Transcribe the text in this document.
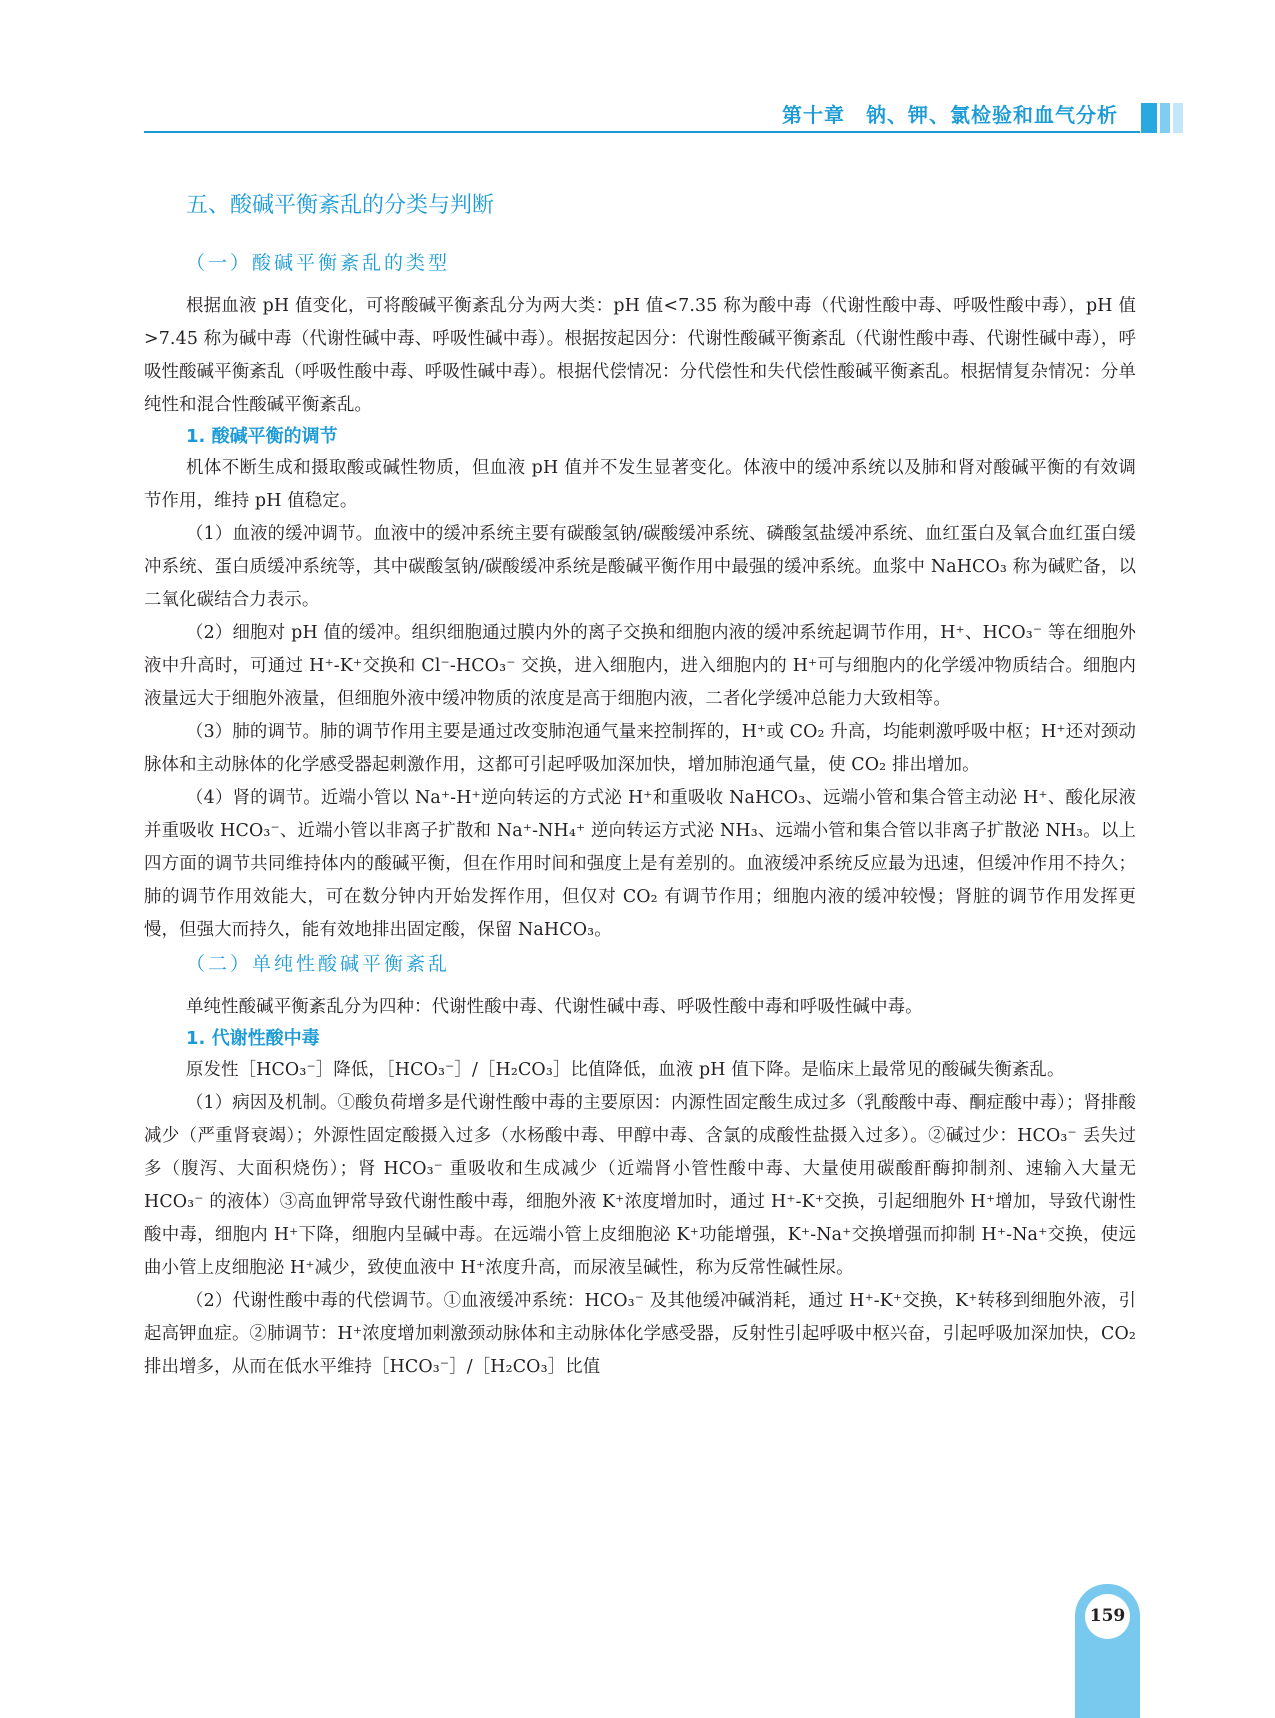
第十章　钠、钾、氯检验和血气分析
五、酸碱平衡紊乱的分类与判断
（一）酸碱平衡紊乱的类型

根据血液 pH 值变化，可将酸碱平衡紊乱分为两大类：pH 值<7.35 称为酸中毒（代谢性酸中毒、呼吸性酸中毒），pH 值>7.45 称为碱中毒（代谢性碱中毒、呼吸性碱中毒）。根据按起因分：代谢性酸碱平衡紊乱（代谢性酸中毒、代谢性碱中毒），呼吸性酸碱平衡紊乱（呼吸性酸中毒、呼吸性碱中毒）。根据代偿情况：分代偿性和失代偿性酸碱平衡紊乱。根据情复杂情况：分单纯性和混合性酸碱平衡紊乱。

1. 酸碱平衡的调节

机体不断生成和摄取酸或碱性物质，但血液 pH 值并不发生显著变化。体液中的缓冲系统以及肺和肾对酸碱平衡的有效调节作用，维持 pH 值稳定。

（1）血液的缓冲调节。血液中的缓冲系统主要有碳酸氢钠/碳酸缓冲系统、磷酸氢盐缓冲系统、血红蛋白及氧合血红蛋白缓冲系统、蛋白质缓冲系统等，其中碳酸氢钠/碳酸缓冲系统是酸碱平衡作用中最强的缓冲系统。血浆中 NaHCO₃ 称为碱贮备，以二氧化碳结合力表示。

（2）细胞对 pH 值的缓冲。组织细胞通过膜内外的离子交换和细胞内液的缓冲系统起调节作用，H⁺、HCO₃⁻ 等在细胞外液中升高时，可通过 H⁺-K⁺交换和 Cl⁻-HCO₃⁻ 交换，进入细胞内，进入细胞内的 H⁺可与细胞内的化学缓冲物质结合。细胞内液量远大于细胞外液量，但细胞外液中缓冲物质的浓度是高于细胞内液，二者化学缓冲总能力大致相等。

（3）肺的调节。肺的调节作用主要是通过改变肺泡通气量来控制挥的，H⁺或 CO₂ 升高，均能刺激呼吸中枢；H⁺还对颈动脉体和主动脉体的化学感受器起刺激作用，这都可引起呼吸加深加快，增加肺泡通气量，使 CO₂ 排出增加。

（4）肾的调节。近端小管以 Na⁺-H⁺逆向转运的方式泌 H⁺和重吸收 NaHCO₃、远端小管和集合管主动泌 H⁺、酸化尿液并重吸收 HCO₃⁻、近端小管以非离子扩散和 Na⁺-NH₄⁺ 逆向转运方式泌 NH₃、远端小管和集合管以非离子扩散泌 NH₃。以上四方面的调节共同维持体内的酸碱平衡，但在作用时间和强度上是有差别的。血液缓冲系统反应最为迅速，但缓冲作用不持久；肺的调节作用效能大，可在数分钟内开始发挥作用，但仅对 CO₂ 有调节作用；细胞内液的缓冲较慢；肾脏的调节作用发挥更慢，但强大而持久，能有效地排出固定酸，保留 NaHCO₃。

（二）单纯性酸碱平衡紊乱

单纯性酸碱平衡紊乱分为四种：代谢性酸中毒、代谢性碱中毒、呼吸性酸中毒和呼吸性碱中毒。

1. 代谢性酸中毒

原发性［HCO₃⁻］降低，［HCO₃⁻］/［H₂CO₃］比值降低，血液 pH 值下降。是临床上最常见的酸碱失衡紊乱。

（1）病因及机制。①酸负荷增多是代谢性酸中毒的主要原因：内源性固定酸生成过多（乳酸酸中毒、酮症酸中毒）；肾排酸减少（严重肾衰竭）；外源性固定酸摄入过多（水杨酸中毒、甲醇中毒、含氯的成酸性盐摄入过多）。②碱过少：HCO₃⁻ 丢失过多（腹泻、大面积烧伤）；肾 HCO₃⁻ 重吸收和生成减少（近端肾小管性酸中毒、大量使用碳酸酐酶抑制剂、速输入大量无 HCO₃⁻ 的液体）③高血钾常导致代谢性酸中毒，细胞外液 K⁺浓度增加时，通过 H⁺-K⁺交换，引起细胞外 H⁺增加，导致代谢性酸中毒，细胞内 H⁺下降，细胞内呈碱中毒。在远端小管上皮细胞泌 K⁺功能增强，K⁺-Na⁺交换增强而抑制 H⁺-Na⁺交换，使远曲小管上皮细胞泌 H⁺减少，致使血液中 H⁺浓度升高，而尿液呈碱性，称为反常性碱性尿。

（2）代谢性酸中毒的代偿调节。①血液缓冲系统：HCO₃⁻ 及其他缓冲碱消耗，通过 H⁺-K⁺交换，K⁺转移到细胞外液，引起高钾血症。②肺调节：H⁺浓度增加刺激颈动脉体和主动脉体化学感受器，反射性引起呼吸中枢兴奋，引起呼吸加深加快，CO₂ 排出增多，从而在低水平维持［HCO₃⁻］/［H₂CO₃］比值

159
